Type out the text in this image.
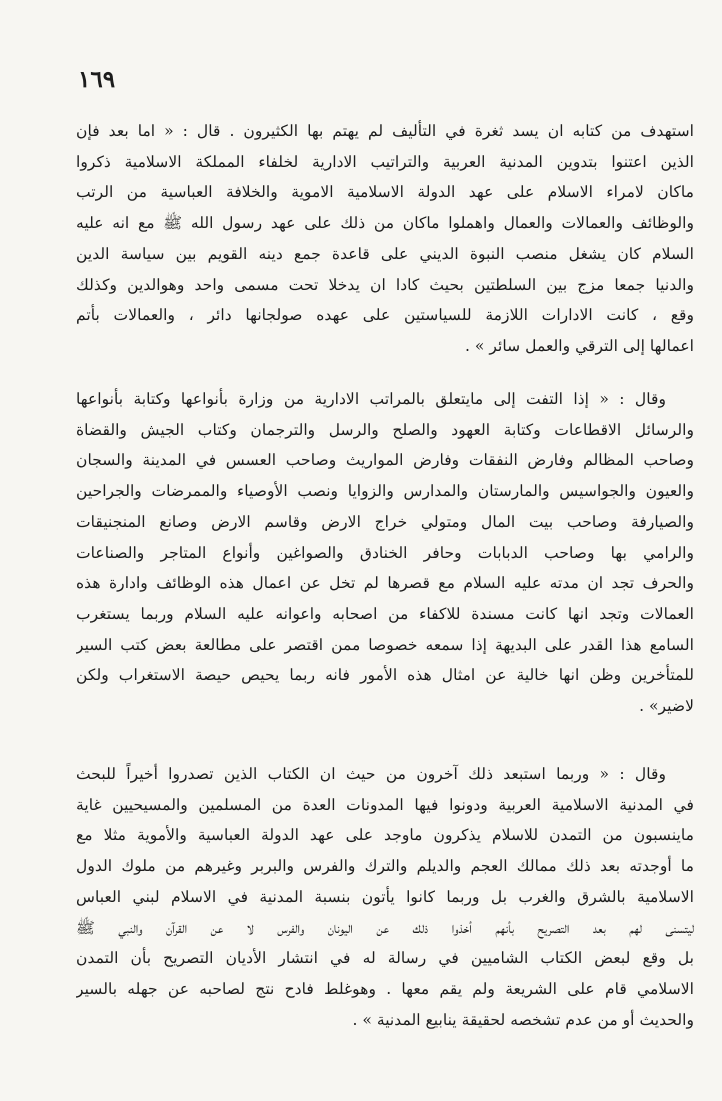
١٦٩

استهدف من كتابه ان يسد ثغرة في التأليف لم يهتم بها الكثيرون . قال : « اما بعد فإن

الذين اعتنوا بتدوين المدنية العربية والتراتيب الادارية لخلفاء المملكة الاسلامية ذكروا

ماكان لامراء الاسلام على عهد الدولة الاسلامية الاموية والخلافة العباسية من الرتب

والوظائف والعمالات والعمال واهملوا ماكان من ذلك على عهد رسول الله ﷺ مع انه عليه

السلام كان يشغل منصب النبوة الديني على قاعدة جمع دينه القويم بين سياسة الدين

والدنيا جمعا مزج بين السلطتين بحيث كادا ان يدخلا تحت مسمى واحد وهوالدين وكذلك

وقع ، كانت الادارات اللازمة للسياستين على عهده صولجانها دائر ، والعمالات بأتم

اعمالها إلى الترقي والعمل سائر » .

وقال : « إذا التفت إلى مايتعلق بالمراتب الادارية من وزارة بأنواعها وكتابة بأنواعها

والرسائل الاقطاعات وكتابة العهود والصلح والرسل والترجمان وكتاب الجيش والقضاة

وصاحب المظالم وفارض النفقات وفارض المواريث وصاحب العسس في المدينة والسجان

والعيون والجواسيس والمارستان والمدارس والزوايا ونصب الأوصياء والممرضات والجراحين

والصيارفة وصاحب بيت المال ومتولي خراج الارض وقاسم الارض وصانع المنجنيقات

والرامي بها وصاحب الدبابات وحافر الخنادق والصواغين وأنواع المتاجر والصناعات

والحرف تجد ان مدته عليه السلام مع قصرها لم تخل عن اعمال هذه الوظائف وادارة هذه

العمالات وتجد انها كانت مسندة للاكفاء من اصحابه واعوانه عليه السلام وربما يستغرب

السامع هذا القدر على البديهة إذا سمعه خصوصا ممن اقتصر على مطالعة بعض كتب السير

للمتأخرين وظن انها خالية عن امثال هذه الأمور فانه ربما يحيص حيصة الاستغراب ولكن

لاضير» .

وقال : « وربما استبعد ذلك آخرون من حيث ان الكتاب الذين تصدروا أخيراً للبحث

في المدنية الاسلامية العربية ودونوا فيها المدونات العدة من المسلمين والمسيحيين غاية

ماينسبون من التمدن للاسلام يذكرون ماوجد على عهد الدولة العباسية والأموية مثلا مع

ما أوجدته بعد ذلك ممالك العجم والديلم والترك والفرس والبربر وغيرهم من ملوك الدول

الاسلامية بالشرق والغرب بل وربما كانوا يأتون بنسبة المدنية في الاسلام لبني العباس

ليتسنى لهم بعد التصريح بأنهم أخذوا ذلك عن اليونان والفرس لا عن القرآن والنبي ﷺ

بل وقع لبعض الكتاب الشاميين في رسالة له في انتشار الأديان التصريح بأن التمدن

الاسلامي قام على الشريعة ولم يقم معها . وهوغلط فادح نتج لصاحبه عن جهله بالسير

والحديث أو من عدم تشخصه لحقيقة ينابيع المدنية » .
